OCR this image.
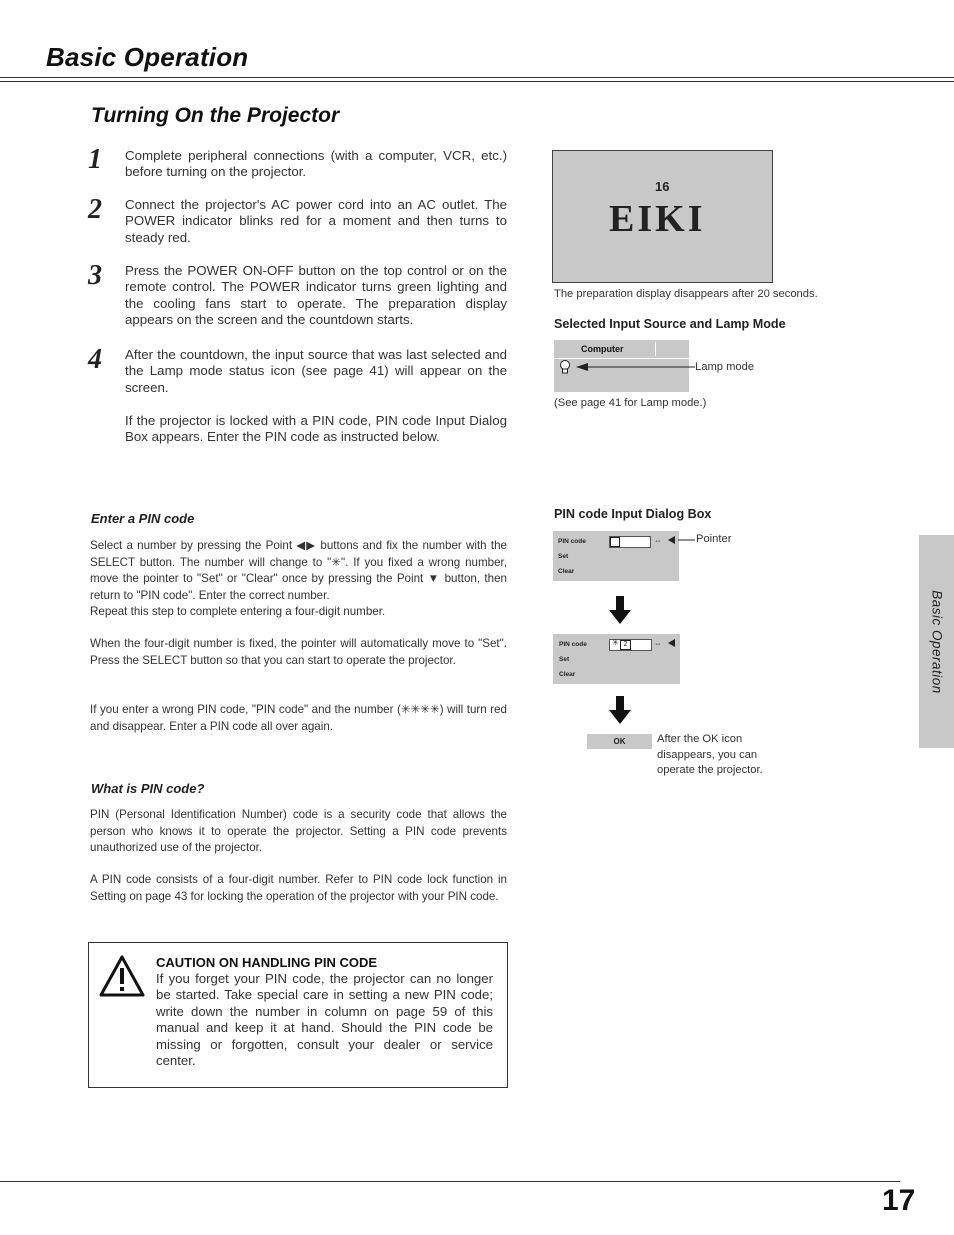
Basic Operation
Turning On the Projector
1 Complete peripheral connections (with a computer, VCR, etc.) before turning on the projector.
2 Connect the projector's AC power cord into an AC outlet. The POWER indicator blinks red for a moment and then turns to steady red.
3 Press the POWER ON-OFF button on the top control or on the remote control. The POWER indicator turns green lighting and the cooling fans start to operate. The preparation display appears on the screen and the countdown starts.
4 After the countdown, the input source that was last selected and the Lamp mode status icon (see page 41) will appear on the screen.
If the projector is locked with a PIN code, PIN code Input Dialog Box appears. Enter the PIN code as instructed below.
16
EIKI
The preparation display disappears after 20 seconds.
Selected Input Source and Lamp Mode
Computer
Lamp mode
(See page 41 for Lamp mode.)
Enter a PIN code
Select a number by pressing the Point ◀▶ buttons and fix the number with the SELECT button. The number will change to "✳". If you fixed a wrong number, move the pointer to "Set" or "Clear" once by pressing the Point ▼ button, then return to "PIN code". Enter the correct number.
Repeat this step to complete entering a four-digit number.
When the four-digit number is fixed, the pointer will automatically move to "Set". Press the SELECT button so that you can start to operate the projector.
If you enter a wrong PIN code, "PIN code" and the number (✳✳✳✳) will turn red and disappear. Enter a PIN code all over again.
What is PIN code?
PIN (Personal Identification Number) code is a security code that allows the person who knows it to operate the projector. Setting a PIN code prevents unauthorized use of the projector.
A PIN code consists of a four-digit number. Refer to PIN code lock function in Setting on page 43 for locking the operation of the projector with your PIN code.
PIN code Input Dialog Box
PIN code	⇔
Set
Clear
Pointer
PIN code	✳ 2	⇔
Set
Clear
OK	After the OK icon disappears, you can operate the projector.
Basic Operation
CAUTION ON HANDLING PIN CODE
If you forget your PIN code, the projector can no longer be started. Take special care in setting a new PIN code; write down the number in column on page 59 of this manual and keep it at hand. Should the PIN code be missing or forgotten, consult your dealer or service center.
17
